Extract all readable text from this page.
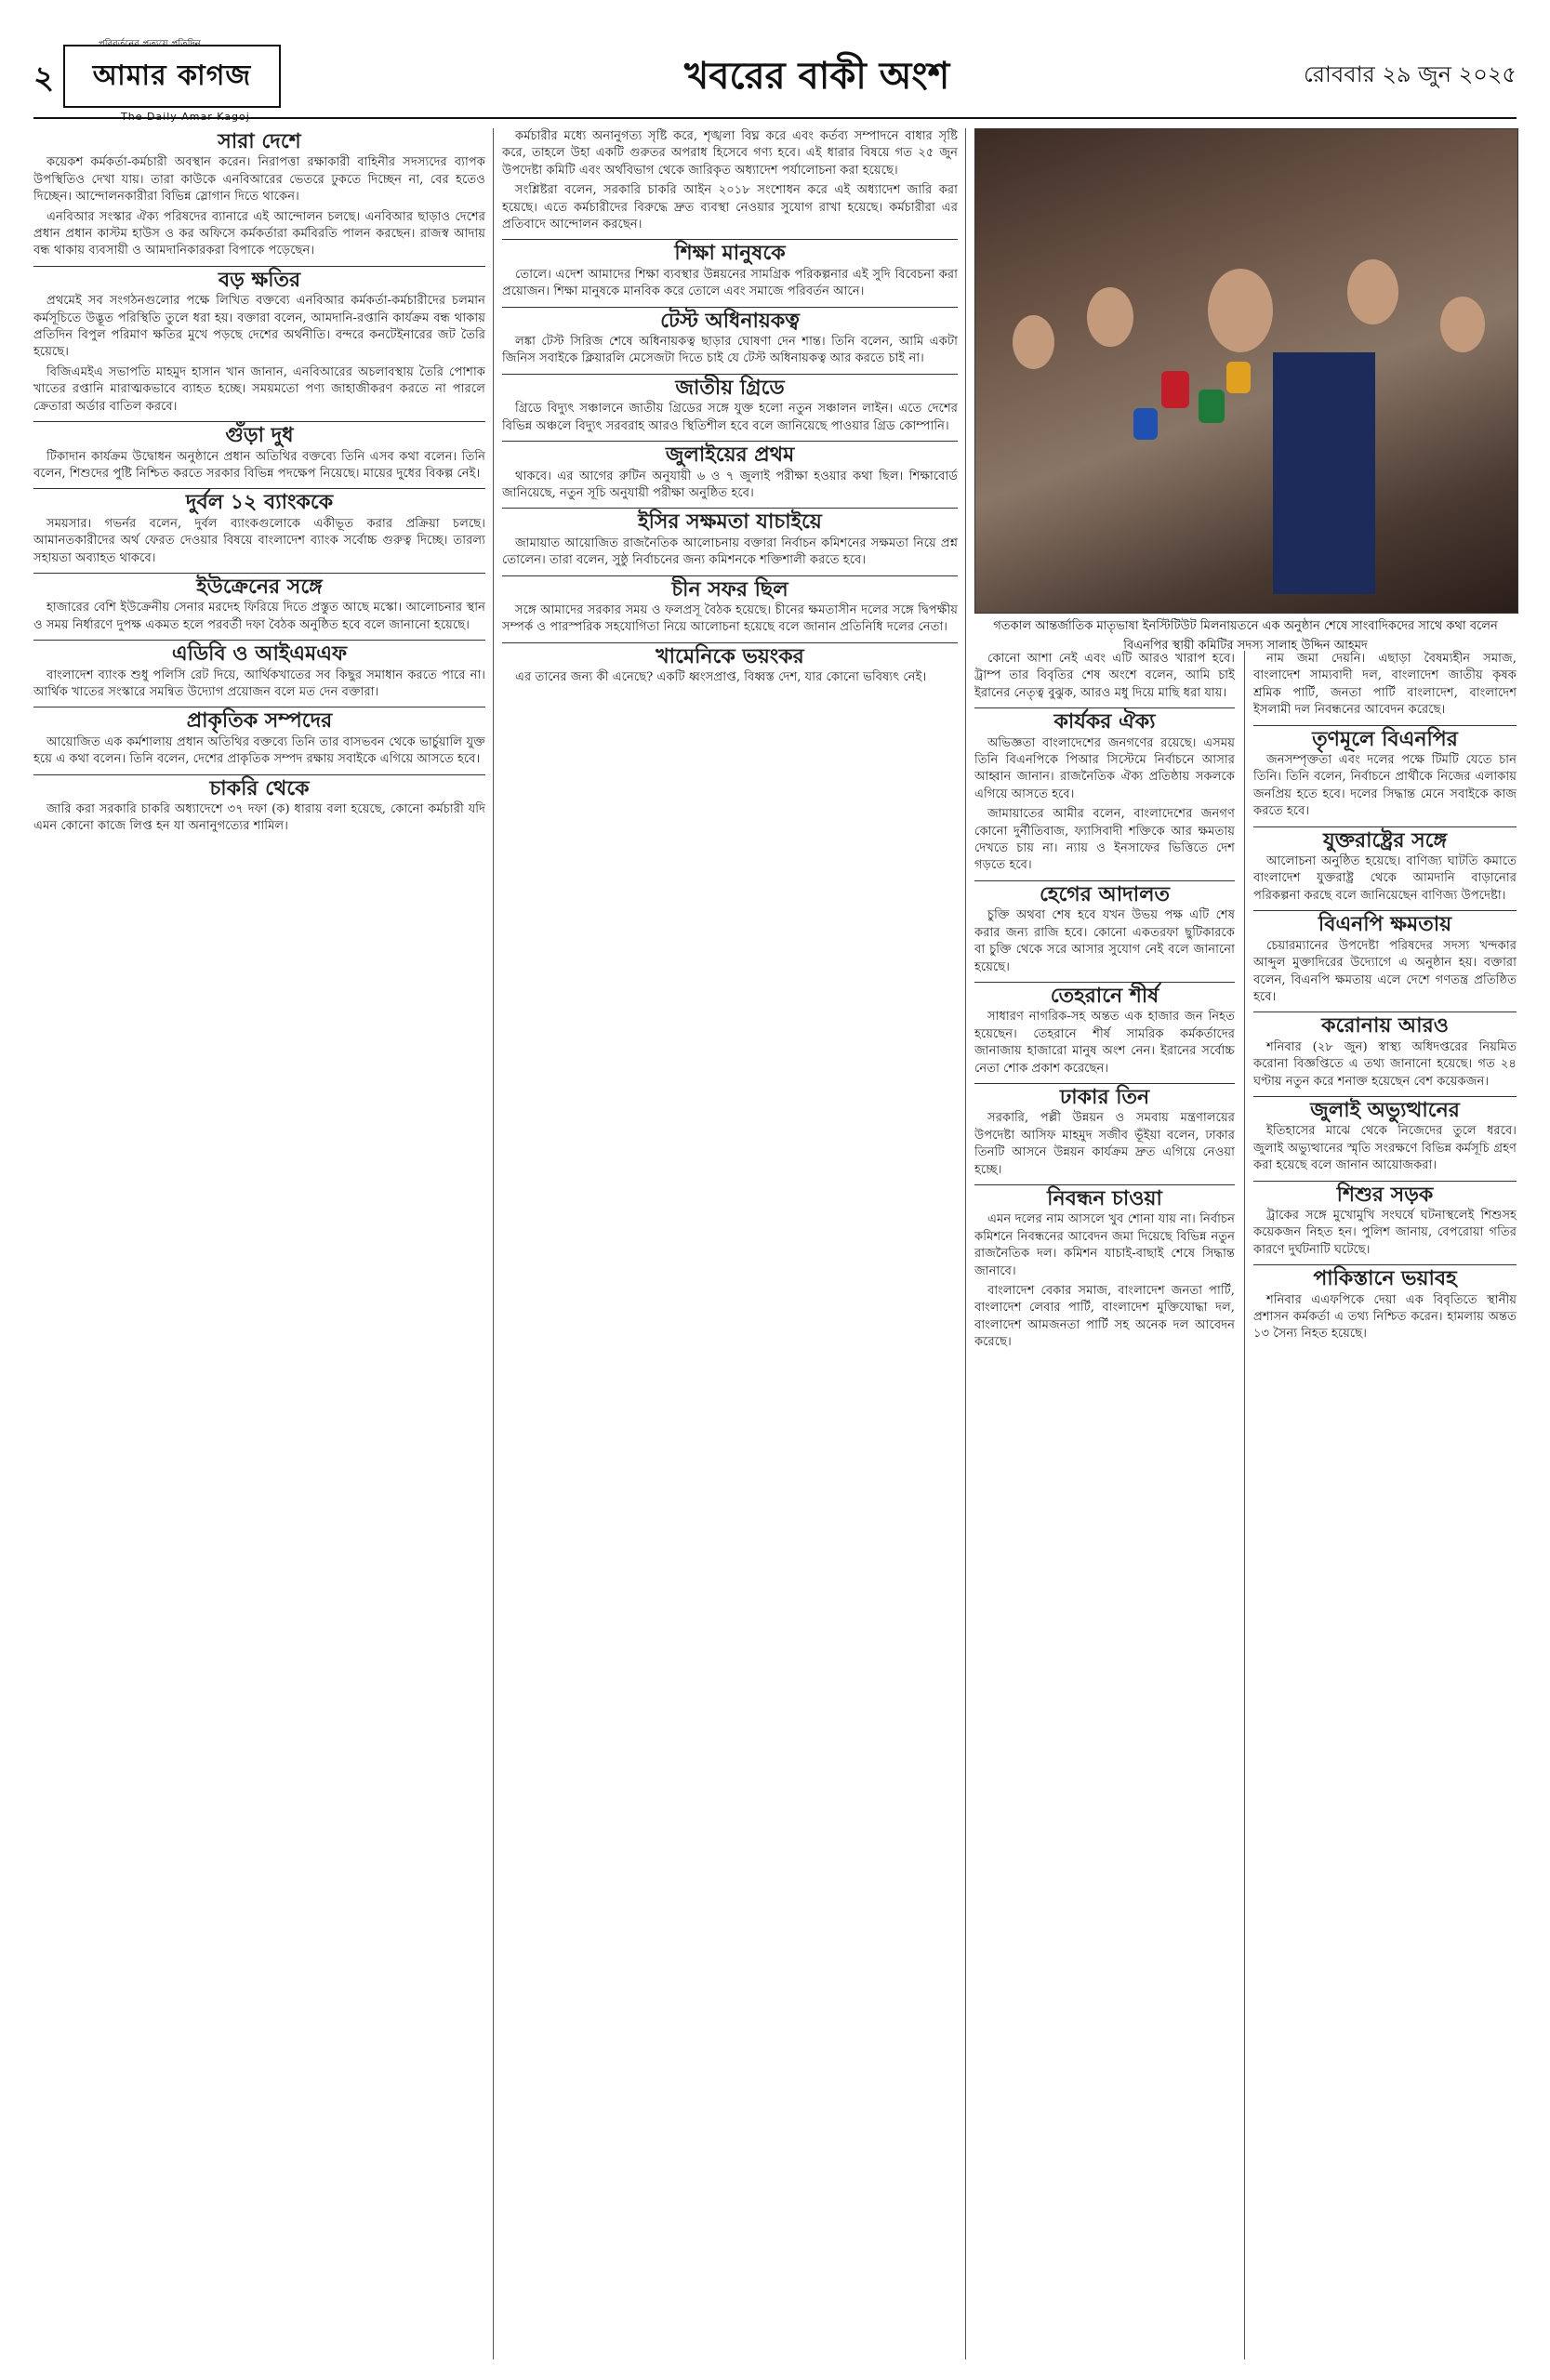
২ আমার কাগজ
The Daily Amar Kagoj
পরিবর্তনের প্রত্যয়ে প্রতিদিন
খবরের বাকী অংশ	রোববার ২৯ জুন ২০২৫
সারা দেশে

কয়েকশ কর্মকর্তা-কর্মচারী অবস্থান করেন। নিরাপত্তা রক্ষাকারী বাহিনীর সদস্যদের ব্যাপক উপস্থিতিও দেখা যায়। তারা কাউকে এনবিআরের ভেতরে ঢুকতে দিচ্ছেন না, বের হতেও দিচ্ছেন। আন্দোলনকারীরা বিভিন্ন স্লোগান দিতে থাকেন।

এনবিআর সংস্কার ঐক্য পরিষদের ব্যানারে এই আন্দোলন চলছে। এনবিআর ছাড়াও দেশের প্রধান প্রধান কাস্টম হাউস ও কর অফিসে কর্মকর্তারা কর্মবিরতি পালন করছেন। রাজস্ব আদায় বন্ধ থাকায় ব্যবসায়ী ও আমদানিকারকরা বিপাকে পড়েছেন।

বড় ক্ষতির

প্রথমেই সব সংগঠনগুলোর পক্ষে লিখিত বক্তব্যে এনবিআর কর্মকর্তা-কর্মচারীদের চলমান কর্মসূচিতে উদ্ভূত পরিস্থিতি তুলে ধরা হয়। বক্তারা বলেন, আমদানি-রপ্তানি কার্যক্রম বন্ধ থাকায় প্রতিদিন বিপুল পরিমাণ ক্ষতির মুখে পড়ছে দেশের অর্থনীতি। বন্দরে কনটেইনারের জট তৈরি হয়েছে।

বিজিএমইএ সভাপতি মাহমুদ হাসান খান জানান, এনবিআরের অচলাবস্থায় তৈরি পোশাক খাতের রপ্তানি মারাত্মকভাবে ব্যাহত হচ্ছে। সময়মতো পণ্য জাহাজীকরণ করতে না পারলে ক্রেতারা অর্ডার বাতিল করবে।

গুঁড়া দুধ

টিকাদান কার্যক্রম উদ্বোধন অনুষ্ঠানে প্রধান অতিথির বক্তব্যে তিনি এসব কথা বলেন। তিনি বলেন, শিশুদের পুষ্টি নিশ্চিত করতে সরকার বিভিন্ন পদক্ষেপ নিয়েছে। মায়ের দুধের বিকল্প নেই।

দুর্বল ১২ ব্যাংককে

সময়সার। গভর্নর বলেন, দুর্বল ব্যাংকগুলোকে একীভূত করার প্রক্রিয়া চলছে। আমানতকারীদের অর্থ ফেরত দেওয়ার বিষয়ে বাংলাদেশ ব্যাংক সর্বোচ্চ গুরুত্ব দিচ্ছে। তারল্য সহায়তা অব্যাহত থাকবে।

ইউক্রেনের সঙ্গে

হাজারের বেশি ইউক্রেনীয় সেনার মরদেহ ফিরিয়ে দিতে প্রস্তুত আছে মস্কো। আলোচনার স্থান ও সময় নির্ধারণে দুপক্ষ একমত হলে পরবর্তী দফা বৈঠক অনুষ্ঠিত হবে বলে জানানো হয়েছে।

এডিবি ও আইএমএফ

বাংলাদেশ ব্যাংক শুধু পলিসি রেট দিয়ে, আর্থিকখাতের সব কিছুর সমাধান করতে পারে না। আর্থিক খাতের সংস্কারে সমন্বিত উদ্যোগ প্রয়োজন বলে মত দেন বক্তারা।

প্রাকৃতিক সম্পদের

আয়োজিত এক কর্মশালায় প্রধান অতিথির বক্তব্যে তিনি তার বাসভবন থেকে ভার্চুয়ালি যুক্ত হয়ে এ কথা বলেন। তিনি বলেন, দেশের প্রাকৃতিক সম্পদ রক্ষায় সবাইকে এগিয়ে আসতে হবে।

চাকরি থেকে

জারি করা সরকারি চাকরি অধ্যাদেশে ৩৭ দফা (ক) ধারায় বলা হয়েছে, কোনো কর্মচারী যদি এমন কোনো কাজে লিপ্ত হন যা অনানুগত্যের শামিল।

কর্মচারীর মধ্যে অনানুগত্য সৃষ্টি করে, শৃঙ্খলা বিঘ্ন করে এবং কর্তব্য সম্পাদনে বাধার সৃষ্টি করে, তাহলে উহা একটি গুরুতর অপরাধ হিসেবে গণ্য হবে। এই ধারার বিষয়ে গত ২৫ জুন উপদেষ্টা কমিটি এবং অর্থবিভাগ থেকে জারিকৃত অধ্যাদেশ পর্যালোচনা করা হয়েছে।

সংশ্লিষ্টরা বলেন, সরকারি চাকরি আইন ২০১৮ সংশোধন করে এই অধ্যাদেশ জারি করা হয়েছে। এতে কর্মচারীদের বিরুদ্ধে দ্রুত ব্যবস্থা নেওয়ার সুযোগ রাখা হয়েছে। কর্মচারীরা এর প্রতিবাদে আন্দোলন করছেন।

শিক্ষা মানুষকে

তোলে। এদেশ আমাদের শিক্ষা ব্যবস্থার উন্নয়নের সামগ্রিক পরিকল্পনার এই সুদি বিবেচনা করা প্রয়োজন। শিক্ষা মানুষকে মানবিক করে তোলে এবং সমাজে পরিবর্তন আনে।

টেস্ট অধিনায়কত্ব

লঙ্কা টেস্ট সিরিজ শেষে অধিনায়কত্ব ছাড়ার ঘোষণা দেন শান্ত। তিনি বলেন, আমি একটা জিনিস সবাইকে ক্লিয়ারলি মেসেজটা দিতে চাই যে টেস্ট অধিনায়কত্ব আর করতে চাই না।

জাতীয় গ্রিডে

গ্রিডে বিদ্যুৎ সঞ্চালনে জাতীয় গ্রিডের সঙ্গে যুক্ত হলো নতুন সঞ্চালন লাইন। এতে দেশের বিভিন্ন অঞ্চলে বিদ্যুৎ সরবরাহ আরও স্থিতিশীল হবে বলে জানিয়েছে পাওয়ার গ্রিড কোম্পানি।

জুলাইয়ের প্রথম

থাকবে। এর আগের রুটিন অনুযায়ী ৬ ও ৭ জুলাই পরীক্ষা হওয়ার কথা ছিল। শিক্ষাবোর্ড জানিয়েছে, নতুন সূচি অনুযায়ী পরীক্ষা অনুষ্ঠিত হবে।

ইসির সক্ষমতা যাচাইয়ে

জামায়াত আয়োজিত রাজনৈতিক আলোচনায় বক্তারা নির্বাচন কমিশনের সক্ষমতা নিয়ে প্রশ্ন তোলেন। তারা বলেন, সুষ্ঠু নির্বাচনের জন্য কমিশনকে শক্তিশালী করতে হবে।

চীন সফর ছিল

সঙ্গে আমাদের সরকার সময় ও ফলপ্রসূ বৈঠক হয়েছে। চীনের ক্ষমতাসীন দলের সঙ্গে দ্বিপক্ষীয় সম্পর্ক ও পারস্পরিক সহযোগিতা নিয়ে আলোচনা হয়েছে বলে জানান প্রতিনিধি দলের নেতা।

খামেনিকে ভয়ংকর

এর তানের জন্য কী এনেছে? একটি ধ্বংসপ্রাপ্ত, বিধ্বস্ত দেশ, যার কোনো ভবিষ্যৎ নেই।

কোনো আশা নেই এবং এটি আরও খারাপ হবে। ট্রাম্প তার বিবৃতির শেষ অংশে বলেন, আমি চাই ইরানের নেতৃত্ব বুঝুক, আরও মধু দিয়ে মাছি ধরা যায়।

কার্যকর ঐক্য

অভিজ্ঞতা বাংলাদেশের জনগণের রয়েছে। এসময় তিনি বিএনপিকে পিআর সিস্টেমে নির্বাচনে আসার আহ্বান জানান। রাজনৈতিক ঐক্য প্রতিষ্ঠায় সকলকে এগিয়ে আসতে হবে।

জামায়াতের আমীর বলেন, বাংলাদেশের জনগণ কোনো দুর্নীতিবাজ, ফ্যাসিবাদী শক্তিকে আর ক্ষমতায় দেখতে চায় না। ন্যায় ও ইনসাফের ভিত্তিতে দেশ গড়তে হবে।

হেগের আদালত

চুক্তি অথবা শেষ হবে যখন উভয় পক্ষ এটি শেষ করার জন্য রাজি হবে। কোনো একতরফা ছুটিকারকে বা চুক্তি থেকে সরে আসার সুযোগ নেই বলে জানানো হয়েছে।

তেহরানে শীর্ষ

সাধারণ নাগরিক-সহ অন্তত এক হাজার জন নিহত হয়েছেন। তেহরানে শীর্ষ সামরিক কর্মকর্তাদের জানাজায় হাজারো মানুষ অংশ নেন। ইরানের সর্বোচ্চ নেতা শোক প্রকাশ করেছেন।

ঢাকার তিন

সরকারি, পল্লী উন্নয়ন ও সমবায় মন্ত্রণালয়ের উপদেষ্টা আসিফ মাহমুদ সজীব ভূঁইয়া বলেন, ঢাকার তিনটি আসনে উন্নয়ন কার্যক্রম দ্রুত এগিয়ে নেওয়া হচ্ছে।

নিবন্ধন চাওয়া

এমন দলের নাম আসলে খুব শোনা যায় না। নির্বাচন কমিশনে নিবন্ধনের আবেদন জমা দিয়েছে বিভিন্ন নতুন রাজনৈতিক দল। কমিশন যাচাই-বাছাই শেষে সিদ্ধান্ত জানাবে।

বাংলাদেশ বেকার সমাজ, বাংলাদেশ জনতা পার্টি, বাংলাদেশ লেবার পার্টি, বাংলাদেশ মুক্তিযোদ্ধা দল, বাংলাদেশ আমজনতা পার্টি সহ অনেক দল আবেদন করেছে।

গতকাল আন্তর্জাতিক মাতৃভাষা ইনস্টিটিউট মিলনায়তনে এক অনুষ্ঠান শেষে সাংবাদিকদের সাথে কথা বলেন বিএনপির স্থায়ী কমিটির সদস্য সালাহ উদ্দিন আহমদ

নাম জমা দেয়নি। এছাড়া বৈষম্যহীন সমাজ, বাংলাদেশ সাম্যবাদী দল, বাংলাদেশ জাতীয় কৃষক শ্রমিক পার্টি, জনতা পার্টি বাংলাদেশ, বাংলাদেশ ইসলামী দল নিবন্ধনের আবেদন করেছে।

তৃণমূলে বিএনপির

জনসম্পৃক্ততা এবং দলের পক্ষে টিমটি যেতে চান তিনি। তিনি বলেন, নির্বাচনে প্রার্থীকে নিজের এলাকায় জনপ্রিয় হতে হবে। দলের সিদ্ধান্ত মেনে সবাইকে কাজ করতে হবে।

যুক্তরাষ্ট্রের সঙ্গে

আলোচনা অনুষ্ঠিত হয়েছে। বাণিজ্য ঘাটতি কমাতে বাংলাদেশ যুক্তরাষ্ট্র থেকে আমদানি বাড়ানোর পরিকল্পনা করছে বলে জানিয়েছেন বাণিজ্য উপদেষ্টা।

বিএনপি ক্ষমতায়

চেয়ারম্যানের উপদেষ্টা পরিষদের সদস্য খন্দকার আব্দুল মুক্তাদিরের উদ্যোগে এ অনুষ্ঠান হয়। বক্তারা বলেন, বিএনপি ক্ষমতায় এলে দেশে গণতন্ত্র প্রতিষ্ঠিত হবে।

করোনায় আরও

শনিবার (২৮ জুন) স্বাস্থ্য অধিদপ্তরের নিয়মিত করোনা বিজ্ঞপ্তিতে এ তথ্য জানানো হয়েছে। গত ২৪ ঘণ্টায় নতুন করে শনাক্ত হয়েছেন বেশ কয়েকজন।

জুলাই অভ্যুত্থানের

ইতিহাসের মাঝে থেকে নিজেদের তুলে ধরবে। জুলাই অভ্যুত্থানের স্মৃতি সংরক্ষণে বিভিন্ন কর্মসূচি গ্রহণ করা হয়েছে বলে জানান আয়োজকরা।

শিশুর সড়ক

ট্রাকের সঙ্গে মুখোমুখি সংঘর্ষে ঘটনাস্থলেই শিশুসহ কয়েকজন নিহত হন। পুলিশ জানায়, বেপরোয়া গতির কারণে দুর্ঘটনাটি ঘটেছে।

পাকিস্তানে ভয়াবহ

শনিবার এএফপিকে দেয়া এক বিবৃতিতে স্থানীয় প্রশাসন কর্মকর্তা এ তথ্য নিশ্চিত করেন। হামলায় অন্তত ১৩ সৈন্য নিহত হয়েছে।
